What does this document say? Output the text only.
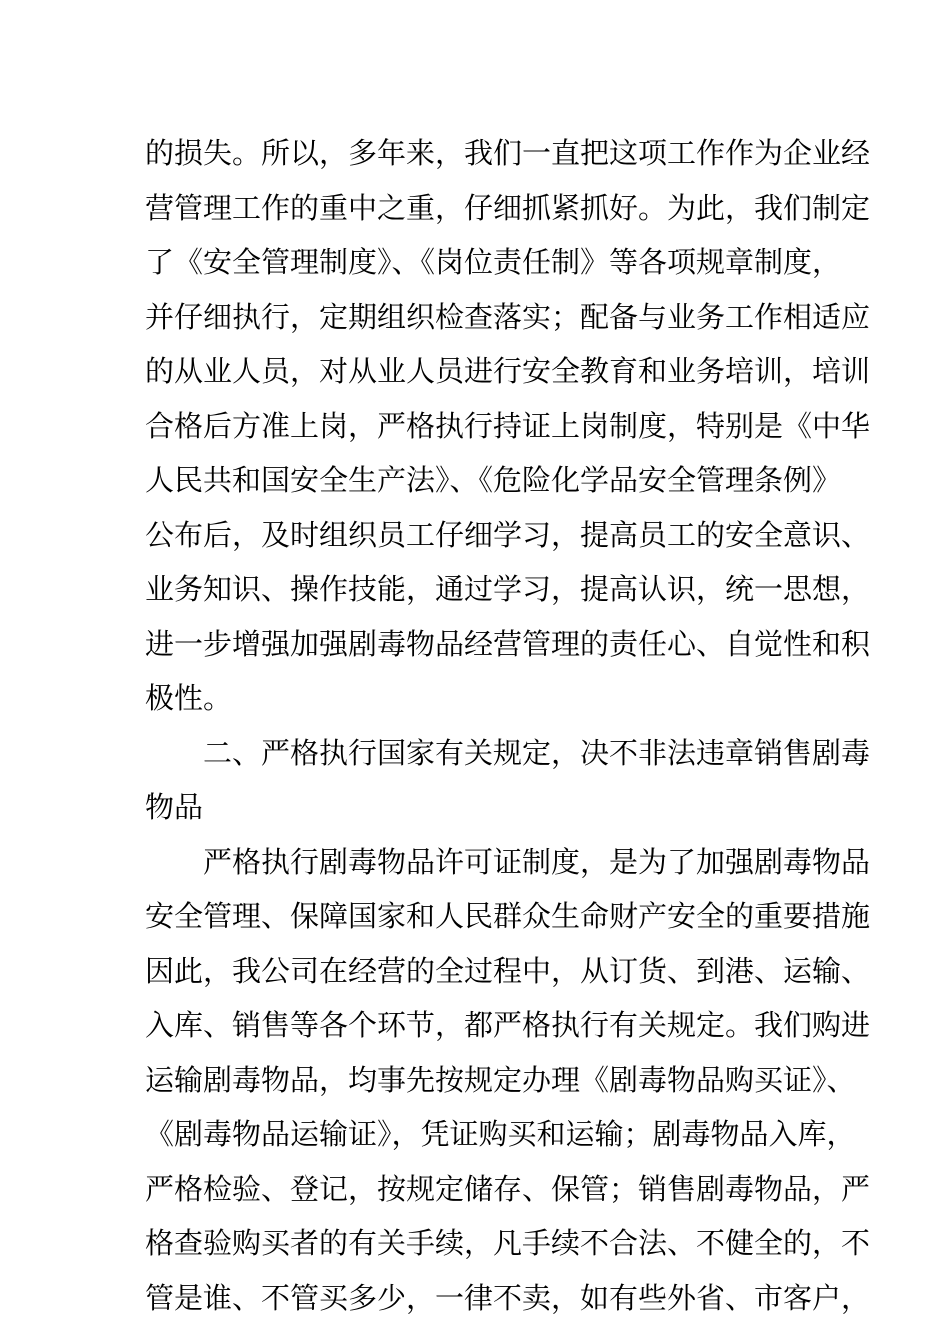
的损失。所以，多年来，我们一直把这项工作作为企业经
营管理工作的重中之重，仔细抓紧抓好。为此，我们制定
了《安全管理制度》、《岗位责任制》等各项规章制度，
并仔细执行，定期组织检查落实；配备与业务工作相适应
的从业人员，对从业人员进行安全教育和业务培训，培训
合格后方准上岗，严格执行持证上岗制度，特别是《中华
人民共和国安全生产法》、《危险化学品安全管理条例》
公布后，及时组织员工仔细学习，提高员工的安全意识、
业务知识、操作技能，通过学习，提高认识，统一思想，
进一步增强加强剧毒物品经营管理的责任心、自觉性和积
极性。
二、严格执行国家有关规定，决不非法违章销售剧毒
物品
严格执行剧毒物品许可证制度，是为了加强剧毒物品
安全管理、保障国家和人民群众生命财产安全的重要措施
因此，我公司在经营的全过程中，从订货、到港、运输、
入库、销售等各个环节，都严格执行有关规定。我们购进
运输剧毒物品，均事先按规定办理《剧毒物品购买证》、
《剧毒物品运输证》，凭证购买和运输；剧毒物品入库，
严格检验、登记，按规定储存、保管；销售剧毒物品，严
格查验购买者的有关手续，凡手续不合法、不健全的，不
管是谁、不管买多少，一律不卖，如有些外省、市客户，
